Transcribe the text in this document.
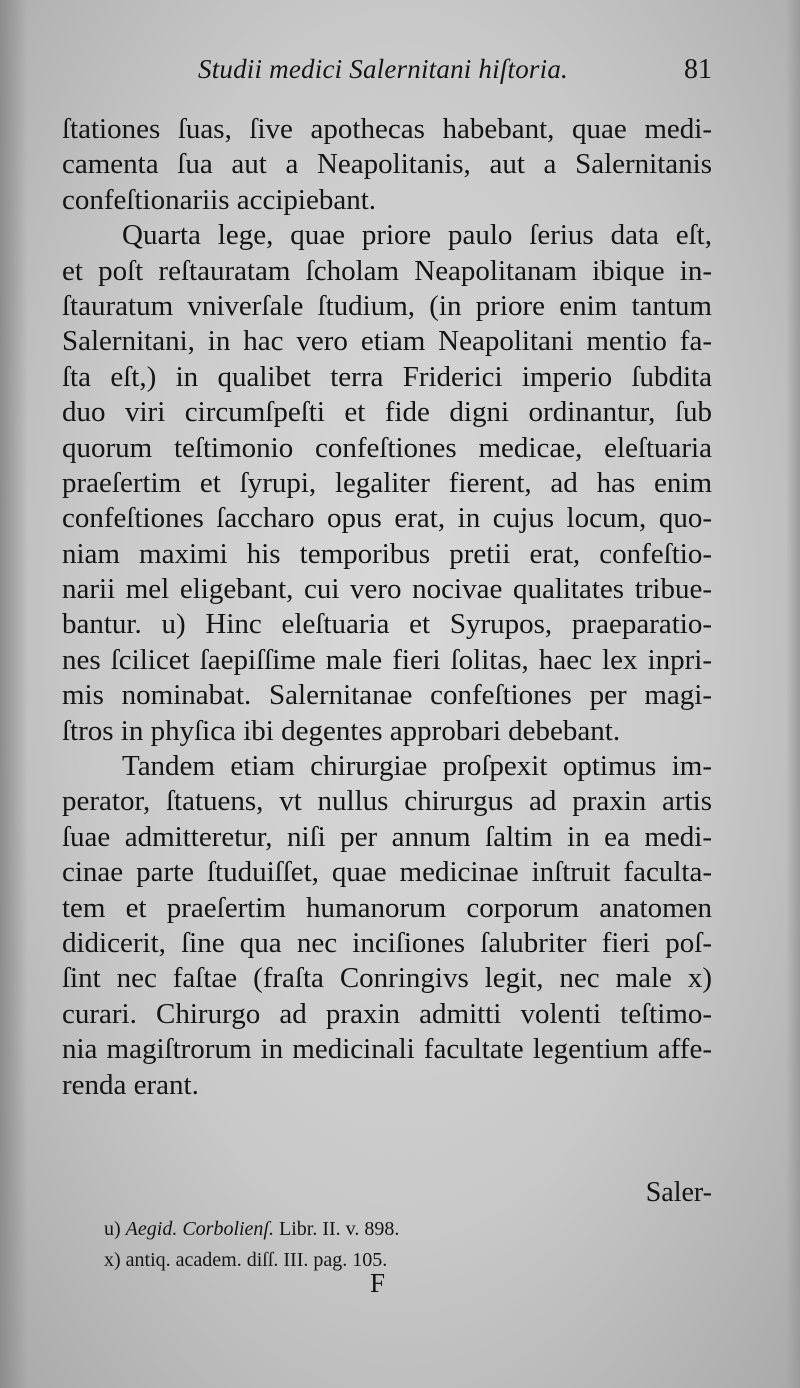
Studii medici Salernitani hiſtoria.	81
ſtationes ſuas, ſive apothecas habebant, quae medi-
camenta ſua aut a Neapolitanis, aut a Salernitanis
confeſtionariis accipiebant.
Quarta lege, quae priore paulo ſerius data eſt,
et poſt reſtauratam ſcholam Neapolitanam ibique in-
ſtauratum vniverſale ſtudium, (in priore enim tantum
Salernitani, in hac vero etiam Neapolitani mentio fa-
ſta eſt,) in qualibet terra Friderici imperio ſubdita
duo viri circumſpeſti et fide digni ordinantur, ſub
quorum teſtimonio confeſtiones medicae, eleſtuaria
praeſertim et ſyrupi, legaliter fierent, ad has enim
confeſtiones ſaccharo opus erat, in cujus locum, quo-
niam maximi his temporibus pretii erat, confeſtio-
narii mel eligebant, cui vero nocivae qualitates tribue-
bantur. u) Hinc eleſtuaria et Syrupos, praeparatio-
nes ſcilicet ſaepiſſime male fieri ſolitas, haec lex inpri-
mis nominabat. Salernitanae confeſtiones per magi-
ſtros in phyſica ibi degentes approbari debebant.
Tandem etiam chirurgiae proſpexit optimus im-
perator, ſtatuens, vt nullus chirurgus ad praxin artis
ſuae admitteretur, niſi per annum ſaltim in ea medi-
cinae parte ſtuduiſſet, quae medicinae inſtruit faculta-
tem et praeſertim humanorum corporum anatomen
didicerit, ſine qua nec inciſiones ſalubriter fieri poſ-
ſint nec faſtae (fraſta Conringivs legit, nec male x)
curari. Chirurgo ad praxin admitti volenti teſtimo-
nia magiſtrorum in medicinali facultate legentium affe-
renda erant.
Saler-
u) Aegid. Corbolienſ. Libr. II. v. 898.
x) antiq. academ. diſſ. III. pag. 105.
F
